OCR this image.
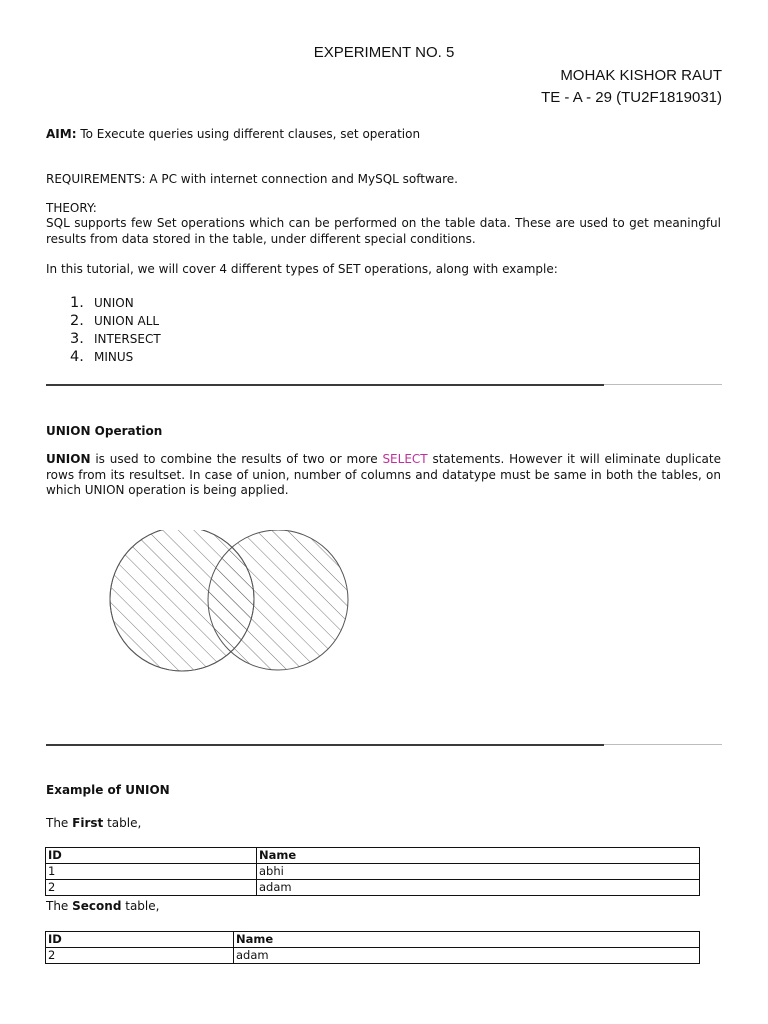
EXPERIMENT NO. 5
MOHAK KISHOR RAUT
TE - A - 29 (TU2F1819031)
AIM: To Execute queries using different clauses, set operation
REQUIREMENTS: A PC with internet connection and MySQL software.
THEORY:
SQL supports few Set operations which can be performed on the table data. These are used to get meaningful results from data stored in the table, under different special conditions.
In this tutorial, we will cover 4 different types of SET operations, along with example:
1. UNION
2. UNION ALL
3. INTERSECT
4. MINUS
UNION Operation
UNION is used to combine the results of two or more SELECT statements. However it will eliminate duplicate rows from its resultset. In case of union, number of columns and datatype must be same in both the tables, on which UNION operation is being applied.
Example of UNION
The First table,
ID	Name
1	abhi
2	adam
The Second table,
ID	Name
2	adam
